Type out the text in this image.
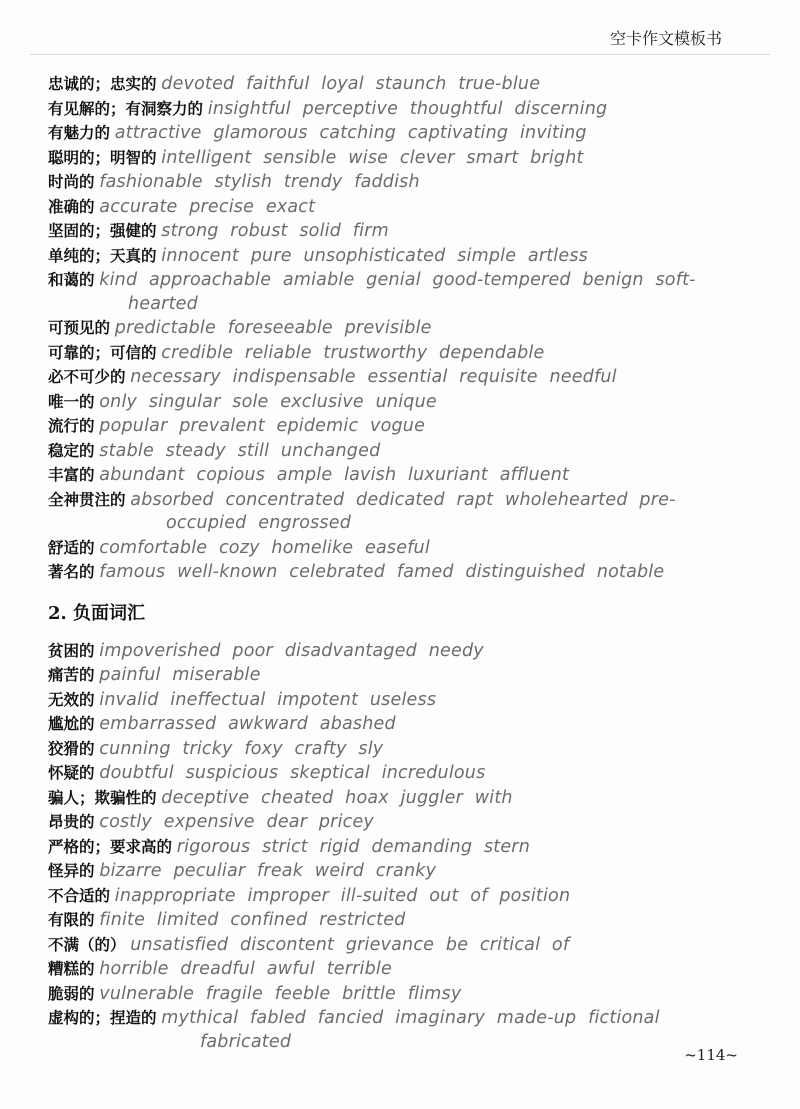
空卡作文模板书
忠诚的；忠实的 devoted faithful loyal staunch true-blue
有见解的；有洞察力的 insightful perceptive thoughtful discerning
有魅力的 attractive glamorous catching captivating inviting
聪明的；明智的 intelligent sensible wise clever smart bright
时尚的 fashionable stylish trendy faddish
准确的 accurate precise exact
坚固的；强健的 strong robust solid firm
单纯的；天真的 innocent pure unsophisticated simple artless
和蔼的 kind approachable amiable genial good-tempered benign soft-
hearted
可预见的 predictable foreseeable previsible
可靠的；可信的 credible reliable trustworthy dependable
必不可少的 necessary indispensable essential requisite needful
唯一的 only singular sole exclusive unique
流行的 popular prevalent epidemic vogue
稳定的 stable steady still unchanged
丰富的 abundant copious ample lavish luxuriant affluent
全神贯注的 absorbed concentrated dedicated rapt wholehearted pre-
occupied engrossed
舒适的 comfortable cozy homelike easeful
著名的 famous well-known celebrated famed distinguished notable
2. 负面词汇
贫困的 impoverished poor disadvantaged needy
痛苦的 painful miserable
无效的 invalid ineffectual impotent useless
尴尬的 embarrassed awkward abashed
狡猾的 cunning tricky foxy crafty sly
怀疑的 doubtful suspicious skeptical incredulous
骗人；欺骗性的 deceptive cheated hoax juggler with
昂贵的 costly expensive dear pricey
严格的；要求高的 rigorous strict rigid demanding stern
怪异的 bizarre peculiar freak weird cranky
不合适的 inappropriate improper ill-suited out of position
有限的 finite limited confined restricted
不满（的） unsatisfied discontent grievance be critical of
糟糕的 horrible dreadful awful terrible
脆弱的 vulnerable fragile feeble brittle flimsy
虚构的；捏造的 mythical fabled fancied imaginary made-up fictional
fabricated
~114~
